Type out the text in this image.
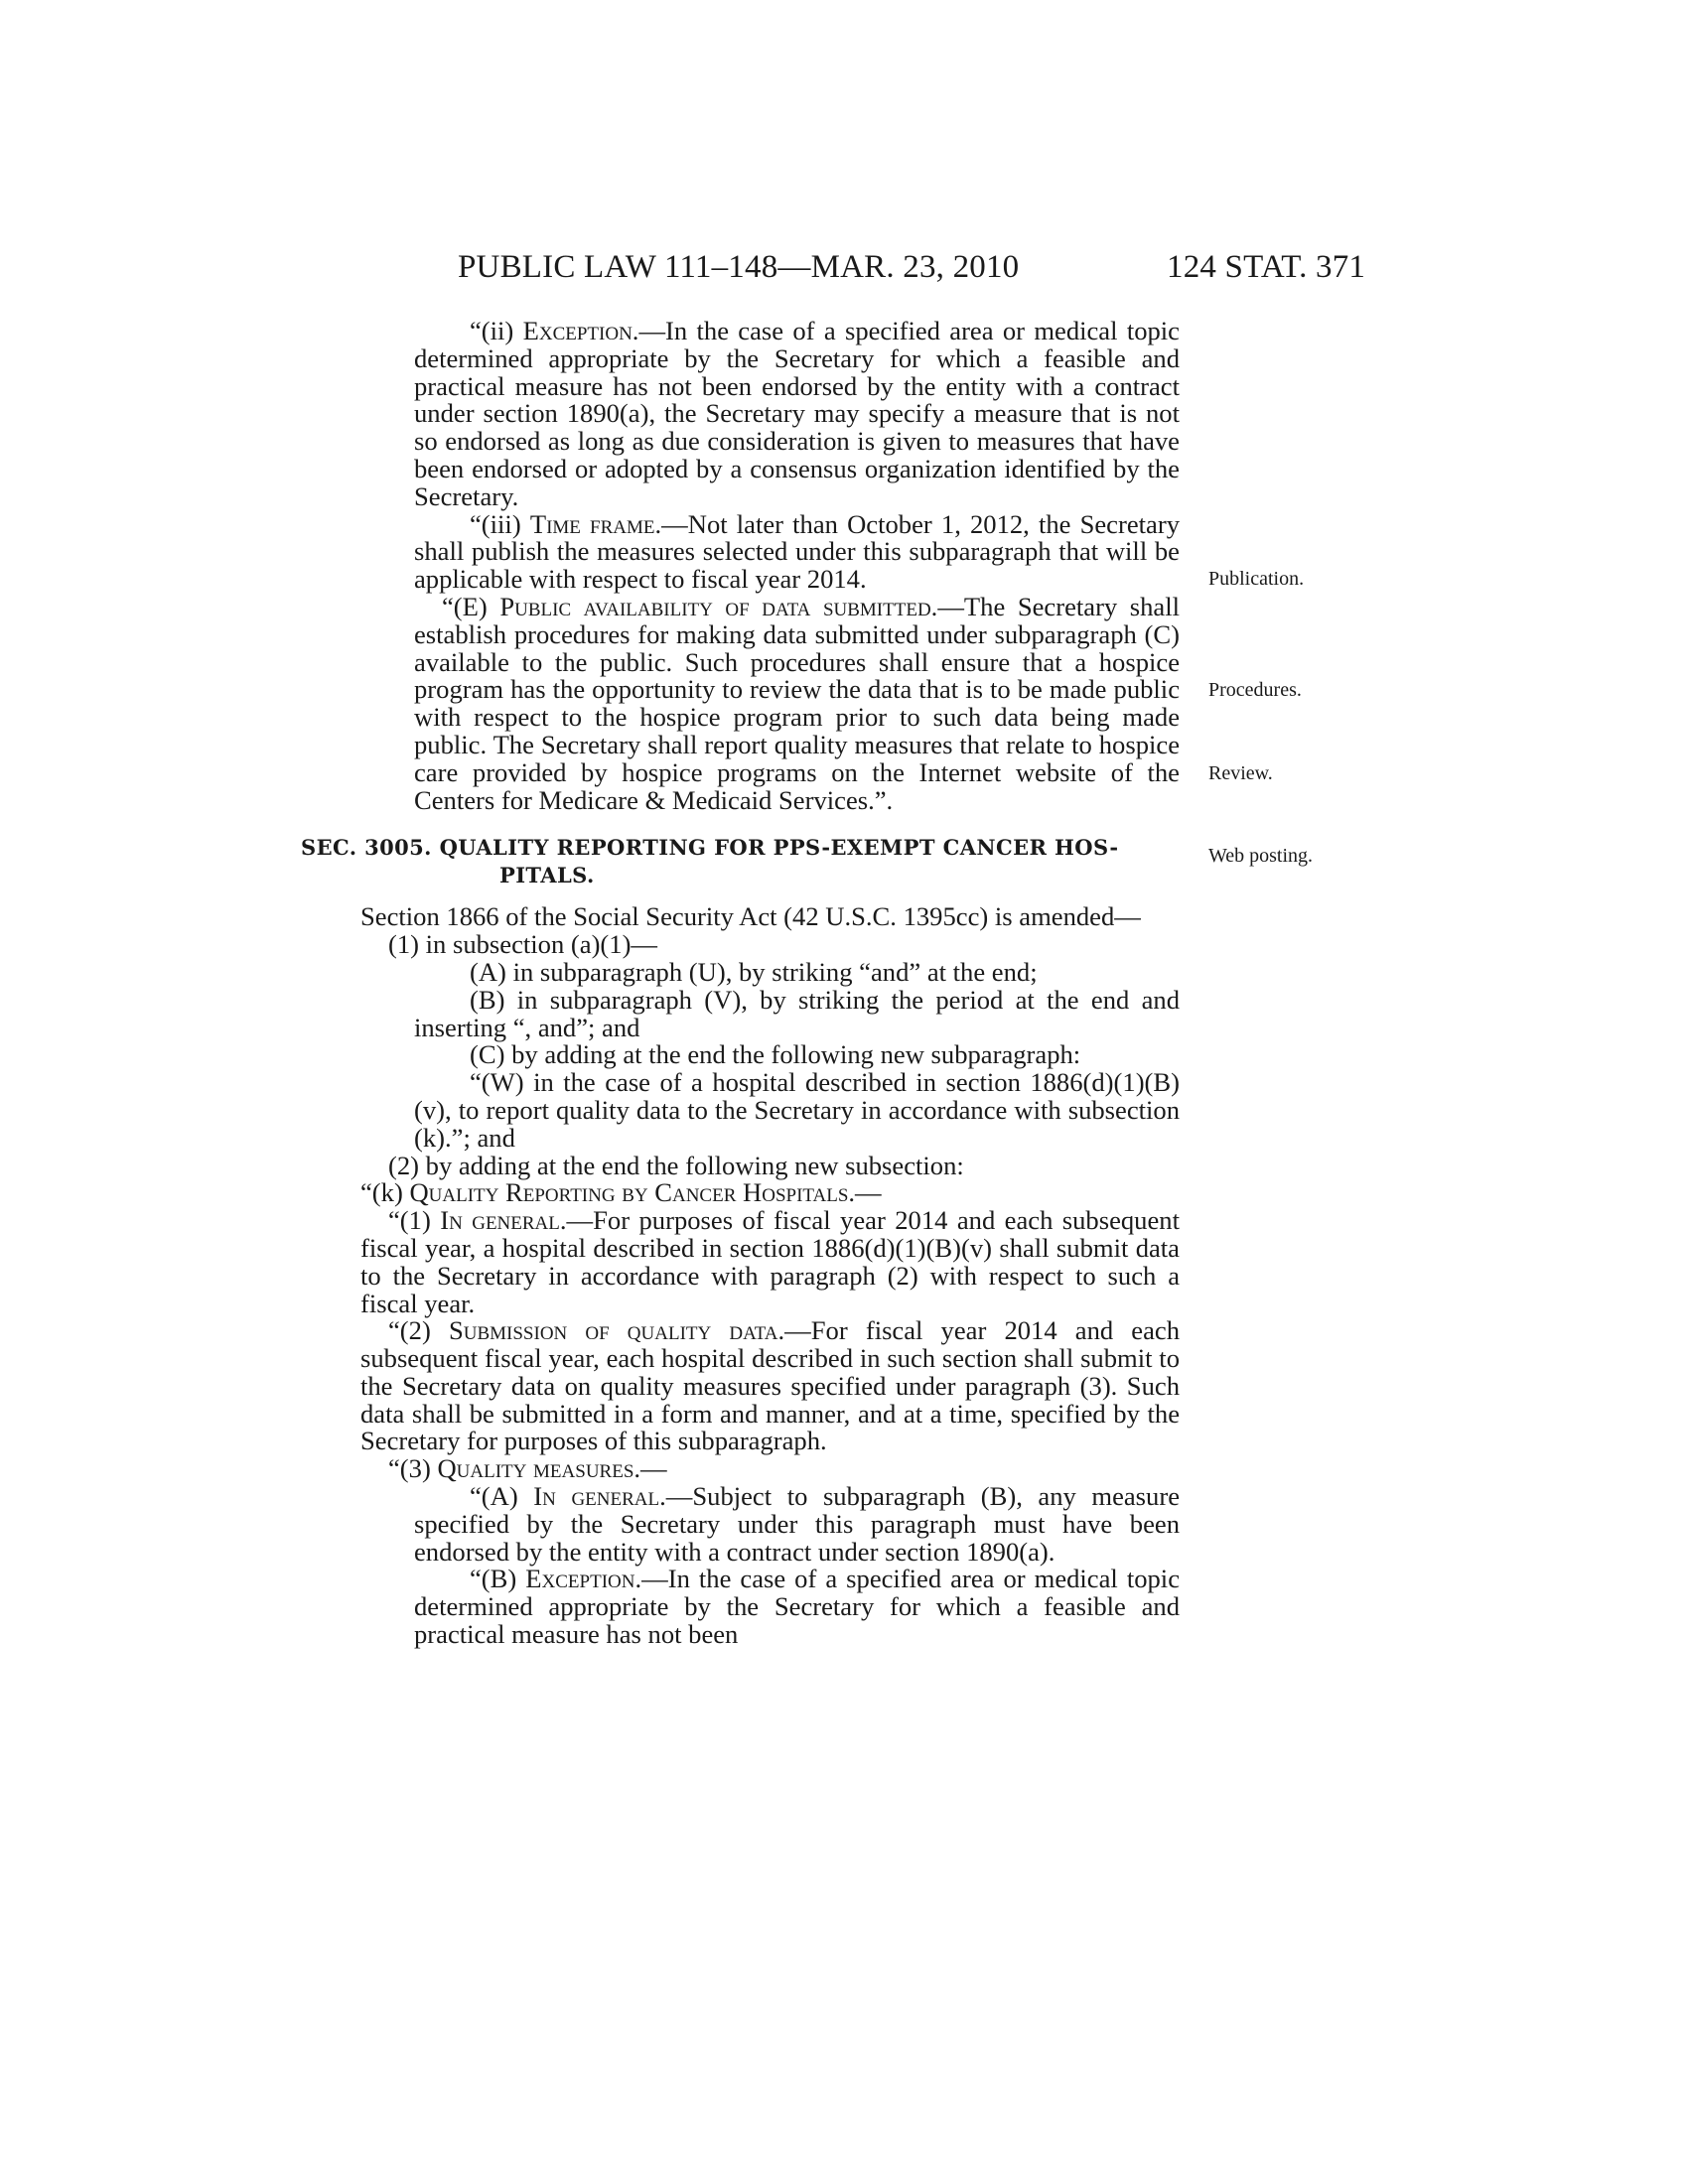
PUBLIC LAW 111–148—MAR. 23, 2010	124 STAT. 371

“(ii) Exception.—In the case of a specified area or medical topic determined appropriate by the Secretary for which a feasible and practical measure has not been endorsed by the entity with a contract under section 1890(a), the Secretary may specify a measure that is not so endorsed as long as due consideration is given to measures that have been endorsed or adopted by a consensus organization identified by the Secretary.

“(iii) Time frame.—Not later than October 1, 2012, the Secretary shall publish the measures selected under this subparagraph that will be applicable with respect to fiscal year 2014.

“(E) Public availability of data submitted.—The Secretary shall establish procedures for making data submitted under subparagraph (C) available to the public. Such procedures shall ensure that a hospice program has the opportunity to review the data that is to be made public with respect to the hospice program prior to such data being made public. The Secretary shall report quality measures that relate to hospice care provided by hospice programs on the Internet website of the Centers for Medicare & Medicaid Services.”.

SEC. 3005. QUALITY REPORTING FOR PPS-EXEMPT CANCER HOS-
PITALS.

Section 1866 of the Social Security Act (42 U.S.C. 1395cc) is amended—

(1) in subsection (a)(1)—

(A) in subparagraph (U), by striking “and” at the end;

(B) in subparagraph (V), by striking the period at the end and inserting “, and”; and

(C) by adding at the end the following new subparagraph:

“(W) in the case of a hospital described in section 1886(d)(1)(B)(v), to report quality data to the Secretary in accordance with subsection (k).”; and

(2) by adding at the end the following new subsection:

“(k) Quality Reporting by Cancer Hospitals.—

“(1) In general.—For purposes of fiscal year 2014 and each subsequent fiscal year, a hospital described in section 1886(d)(1)(B)(v) shall submit data to the Secretary in accordance with paragraph (2) with respect to such a fiscal year.

“(2) Submission of quality data.—For fiscal year 2014 and each subsequent fiscal year, each hospital described in such section shall submit to the Secretary data on quality measures specified under paragraph (3). Such data shall be submitted in a form and manner, and at a time, specified by the Secretary for purposes of this subparagraph.

“(3) Quality measures.—

“(A) In general.—Subject to subparagraph (B), any measure specified by the Secretary under this paragraph must have been endorsed by the entity with a contract under section 1890(a).

“(B) Exception.—In the case of a specified area or medical topic determined appropriate by the Secretary for which a feasible and practical measure has not been

Publication.
Procedures.
Review.
Web posting.
